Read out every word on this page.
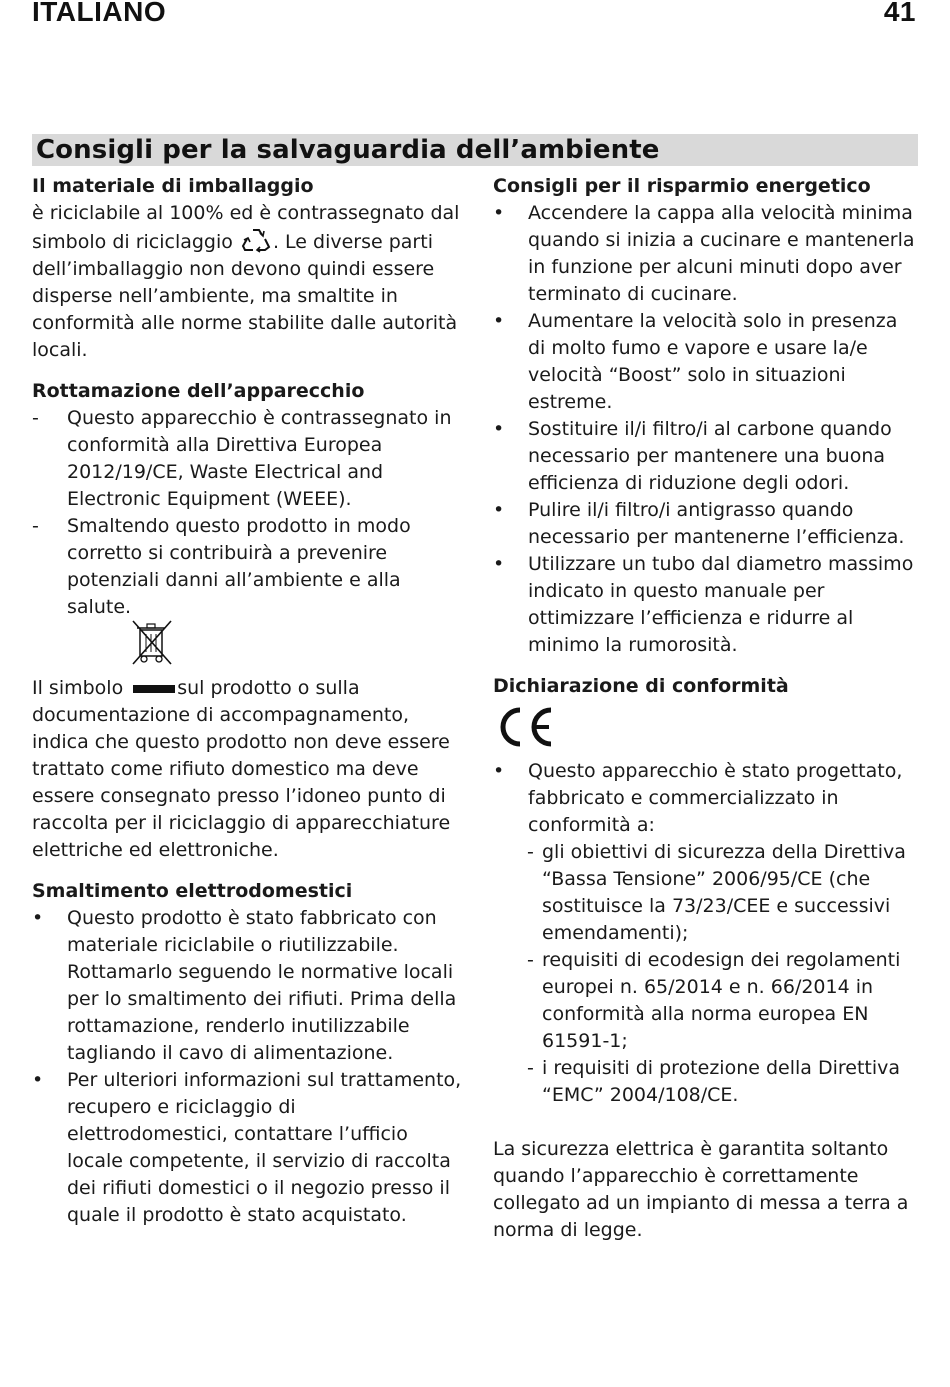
ITALIANO	41
Consigli per la salvaguardia dell’ambiente
Il materiale di imballaggio

è riciclabile al 100% ed è contrassegnato dal simbolo di riciclaggio . Le diverse parti dell’imballaggio non devono quindi essere disperse nell’ambiente, ma smaltite in conformità alle norme stabilite dalle autorità locali.

Rottamazione dell’apparecchio
-	Questo apparecchio è contrassegnato in conformità alla Direttiva Europea 2012/19/CE, Waste Electrical and Electronic Equipment (WEEE).
-	Smaltendo questo prodotto in modo corretto si contribuirà a prevenire potenziali danni all’ambiente e alla salute.

Il simbolo	sul prodotto o sulla documentazione di accompagnamento, indica che questo prodotto non deve essere trattato come rifiuto domestico ma deve essere consegnato presso l’idoneo punto di raccolta per il riciclaggio di apparecchiature elettriche ed elettroniche.

Smaltimento elettrodomestici
•	Questo prodotto è stato fabbricato con materiale riciclabile o riutilizzabile. Rottamarlo seguendo le normative locali per lo smaltimento dei rifiuti. Prima della rottamazione, renderlo inutilizzabile tagliando il cavo di alimentazione.
•	Per ulteriori informazioni sul trattamento, recupero e riciclaggio di elettrodomestici, contattare l’ufficio locale competente, il servizio di raccolta dei rifiuti domestici o il negozio presso il quale il prodotto è stato acquistato.
Consigli per il risparmio energetico
•	Accendere la cappa alla velocità minima quando si inizia a cucinare e mantenerla in funzione per alcuni minuti dopo aver terminato di cucinare.
•	Aumentare la velocità solo in presenza di molto fumo e vapore e usare la/e velocità “Boost” solo in situazioni estreme.
•	Sostituire il/i filtro/i al carbone quando necessario per mantenere una buona efficienza di riduzione degli odori.
•	Pulire il/i filtro/i antigrasso quando necessario per mantenerne l’efficienza.
•	Utilizzare un tubo dal diametro massimo indicato in questo manuale per ottimizzare l’efficienza e ridurre al minimo la rumorosità.
Dichiarazione di conformità
•	Questo apparecchio è stato progettato, fabbricato e commercializzato in conformità a:
- gli obiettivi di sicurezza della Direttiva “Bassa Tensione” 2006/95/CE (che sostituisce la 73/23/CEE e successivi emendamenti);
- requisiti di ecodesign dei regolamenti europei n. 65/2014 e n. 66/2014 in conformità alla norma europea EN 61591-1;
- i requisiti di protezione della Direttiva “EMC” 2004/108/CE.

La sicurezza elettrica è garantita soltanto quando l’apparecchio è correttamente collegato ad un impianto di messa a terra a norma di legge.
